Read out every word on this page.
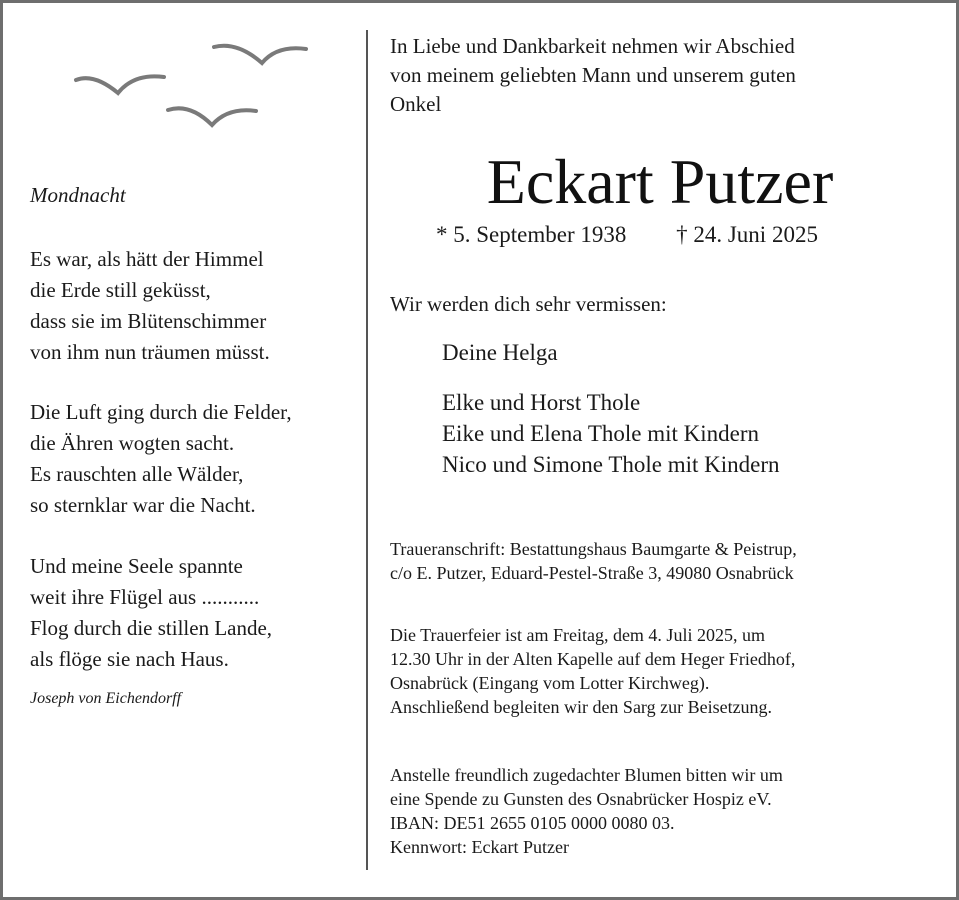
Mondnacht
Es war, als hätt der Himmel
die Erde still geküsst,
dass sie im Blütenschimmer
von ihm nun träumen müsst.
Die Luft ging durch die Felder,
die Ähren wogten sacht.
Es rauschten alle Wälder,
so sternklar war die Nacht.
Und meine Seele spannte
weit ihre Flügel aus ...........
Flog durch die stillen Lande,
als flöge sie nach Haus.
Joseph von Eichendorff
In Liebe und Dankbarkeit nehmen wir Abschied
von meinem geliebten Mann und unserem guten
Onkel
Eckart Putzer
* 5. September 1938 † 24. Juni 2025
Wir werden dich sehr vermissen:
Deine Helga
Elke und Horst Thole
Eike und Elena Thole mit Kindern
Nico und Simone Thole mit Kindern
Traueranschrift: Bestattungshaus Baumgarte & Peistrup,
c/o E. Putzer, Eduard-Pestel-Straße 3, 49080 Osnabrück
Die Trauerfeier ist am Freitag, dem 4. Juli 2025, um
12.30 Uhr in der Alten Kapelle auf dem Heger Friedhof,
Osnabrück (Eingang vom Lotter Kirchweg).
Anschließend begleiten wir den Sarg zur Beisetzung.
Anstelle freundlich zugedachter Blumen bitten wir um
eine Spende zu Gunsten des Osnabrücker Hospiz eV.
IBAN: DE51 2655 0105 0000 0080 03.
Kennwort: Eckart Putzer
